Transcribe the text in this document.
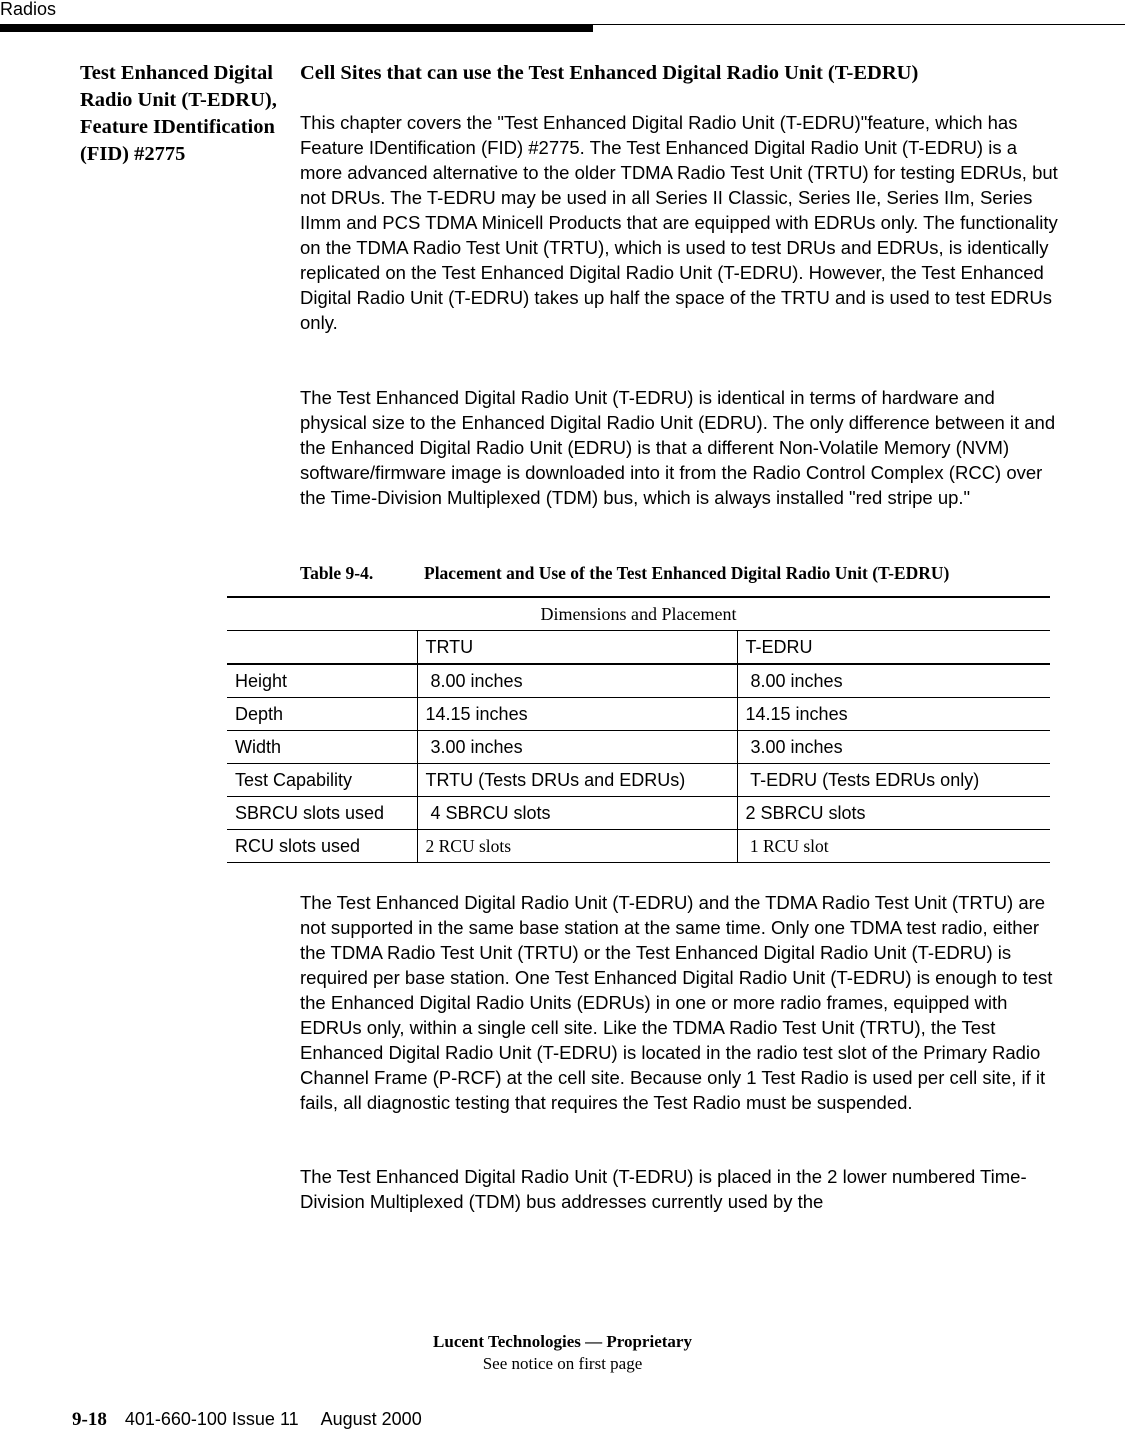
Radios
Test Enhanced Digital Radio Unit (T-EDRU), Feature IDentification (FID) #2775
Cell Sites that can use the Test Enhanced Digital Radio Unit (T-EDRU)

This chapter covers the "Test Enhanced Digital Radio Unit (T-EDRU)"feature, which has Feature IDentification (FID) #2775. The Test Enhanced Digital Radio Unit (T-EDRU) is a more advanced alternative to the older TDMA Radio Test Unit (TRTU) for testing EDRUs, but not DRUs. The T-EDRU may be used in all Series II Classic, Series IIe, Series IIm, Series IImm and PCS TDMA Minicell Products that are equipped with EDRUs only. The functionality on the TDMA Radio Test Unit (TRTU), which is used to test DRUs and EDRUs, is identically replicated on the Test Enhanced Digital Radio Unit (T-EDRU). However, the Test Enhanced Digital Radio Unit (T-EDRU) takes up half the space of the TRTU and is used to test EDRUs only.

The Test Enhanced Digital Radio Unit (T-EDRU) is identical in terms of hardware and physical size to the Enhanced Digital Radio Unit (EDRU). The only difference between it and the Enhanced Digital Radio Unit (EDRU) is that a different Non-Volatile Memory (NVM) software/firmware image is downloaded into it from the Radio Control Complex (RCC) over the Time-Division Multiplexed (TDM) bus, which is always installed "red stripe up."

Table 9-4.	Placement and Use of the Test Enhanced Digital Radio Unit (T-EDRU)
Dimensions and Placement		
	TRTU	T-EDRU
Height	8.00 inches	8.00 inches
Depth	14.15 inches	14.15 inches
Width	3.00 inches	3.00 inches
Test Capability	TRTU (Tests DRUs and EDRUs)	T-EDRU (Tests EDRUs only)
SBRCU slots used	4 SBRCU slots	2 SBRCU slots
RCU slots used	2 RCU slots	1 RCU slot

The Test Enhanced Digital Radio Unit (T-EDRU) and the TDMA Radio Test Unit (TRTU) are not supported in the same base station at the same time. Only one TDMA test radio, either the TDMA Radio Test Unit (TRTU) or the Test Enhanced Digital Radio Unit (T-EDRU) is required per base station. One Test Enhanced Digital Radio Unit (T-EDRU) is enough to test the Enhanced Digital Radio Units (EDRUs) in one or more radio frames, equipped with EDRUs only, within a single cell site. Like the TDMA Radio Test Unit (TRTU), the Test Enhanced Digital Radio Unit (T-EDRU) is located in the radio test slot of the Primary Radio Channel Frame (P-RCF) at the cell site. Because only 1 Test Radio is used per cell site, if it fails, all diagnostic testing that requires the Test Radio must be suspended.

The Test Enhanced Digital Radio Unit (T-EDRU) is placed in the 2 lower numbered Time-Division Multiplexed (TDM) bus addresses currently used by the

Lucent Technologies — Proprietary
See notice on first page
9-18 401-660-100 Issue 11 August 2000
